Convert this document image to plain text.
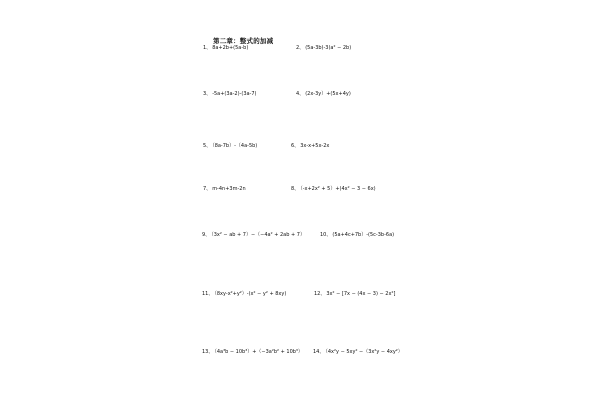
第二章：整式的加减
1、8a+2b+(5a-b)	2、(5a-3b)-3(a² − 2b)
3、-5a+(3a-2)-(3a-7)	4、(2x-3y）+(5x+4y)
5、（8a-7b）-（4a-5b)	6、3x-x+5x-2x
7、m-4n+3m-2n	8、（-x+2x² + 5）+(4x² − 3 − 6x)
9、（3x² − ab + 7）−（−4a² + 2ab + 7）	10、(5a+4c+7b）-(5c-3b-6a)
11、（8xy-x²+y²）-(x² − y² + 8xy)	12、3x² − [7x − (4x − 3) − 2x²]
13、（4a³b − 10b³）+（−3a²b² + 10b³） 14、（4x²y − 5xy² −（3x²y − 4xy²）
